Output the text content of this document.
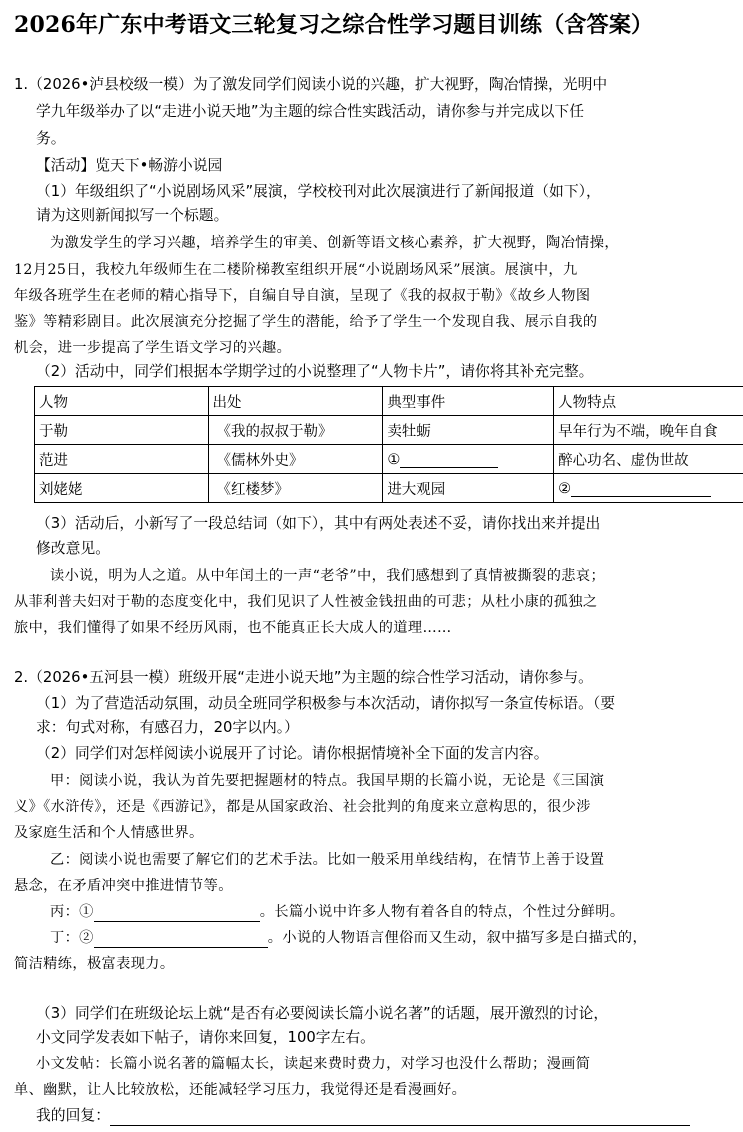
2026年广东中考语文三轮复习之综合性学习题目训练（含答案）
1.（2026•泸县校级一模）为了激发同学们阅读小说的兴趣，扩大视野，陶冶情操，光明中
学九年级举办了以“走进小说天地”为主题的综合性实践活动，请你参与并完成以下任
务。
【活动】览天下•畅游小说园
（1）年级组织了“小说剧场风采”展演，学校校刊对此次展演进行了新闻报道（如下），
请为这则新闻拟写一个标题。
为激发学生的学习兴趣，培养学生的审美、创新等语文核心素养，扩大视野，陶冶情操，
12月25日，我校九年级师生在二楼阶梯教室组织开展“小说剧场风采”展演。展演中，九
年级各班学生在老师的精心指导下，自编自导自演，呈现了《我的叔叔于勒》《故乡人物图
鉴》等精彩剧目。此次展演充分挖掘了学生的潜能，给予了学生一个发现自我、展示自我的
机会，进一步提高了学生语文学习的兴趣。
（2）活动中，同学们根据本学期学过的小说整理了“人物卡片”，请你将其补充完整。
人物	出处	典型事件	人物特点
于勒	《我的叔叔于勒》	卖牡蛎	早年行为不端，晚年自食
范进	《儒林外史》	①	醉心功名、虚伪世故
刘姥姥	《红楼梦》	进大观园	②
（3）活动后，小新写了一段总结词（如下），其中有两处表述不妥，请你找出来并提出
修改意见。
读小说，明为人之道。从中年闰土的一声“老爷”中，我们感想到了真情被撕裂的悲哀；
从菲利普夫妇对于勒的态度变化中，我们见识了人性被金钱扭曲的可悲；从杜小康的孤独之
旅中，我们懂得了如果不经历风雨，也不能真正长大成人的道理……
2.（2026•五河县一模）班级开展“走进小说天地”为主题的综合性学习活动，请你参与。
（1）为了营造活动氛围，动员全班同学积极参与本次活动，请你拟写一条宣传标语。（要
求：句式对称，有感召力，20字以内。）
（2）同学们对怎样阅读小说展开了讨论。请你根据情境补全下面的发言内容。
甲：阅读小说，我认为首先要把握题材的特点。我国早期的长篇小说，无论是《三国演
义》《水浒传》，还是《西游记》，都是从国家政治、社会批判的角度来立意构思的，很少涉
及家庭生活和个人情感世界。
乙：阅读小说也需要了解它们的艺术手法。比如一般采用单线结构，在情节上善于设置
悬念，在矛盾冲突中推进情节等。
丙：①	。长篇小说中许多人物有着各自的特点，个性过分鲜明。
丁：②	。小说的人物语言俚俗而又生动，叙中描写多是白描式的，
简洁精练，极富表现力。
（3）同学们在班级论坛上就“是否有必要阅读长篇小说名著”的话题，展开激烈的讨论，
小文同学发表如下帖子，请你来回复，100字左右。
小文发帖：长篇小说名著的篇幅太长，读起来费时费力，对学习也没什么帮助；漫画简
单、幽默，让人比较放松，还能减轻学习压力，我觉得还是看漫画好。
我的回复：
